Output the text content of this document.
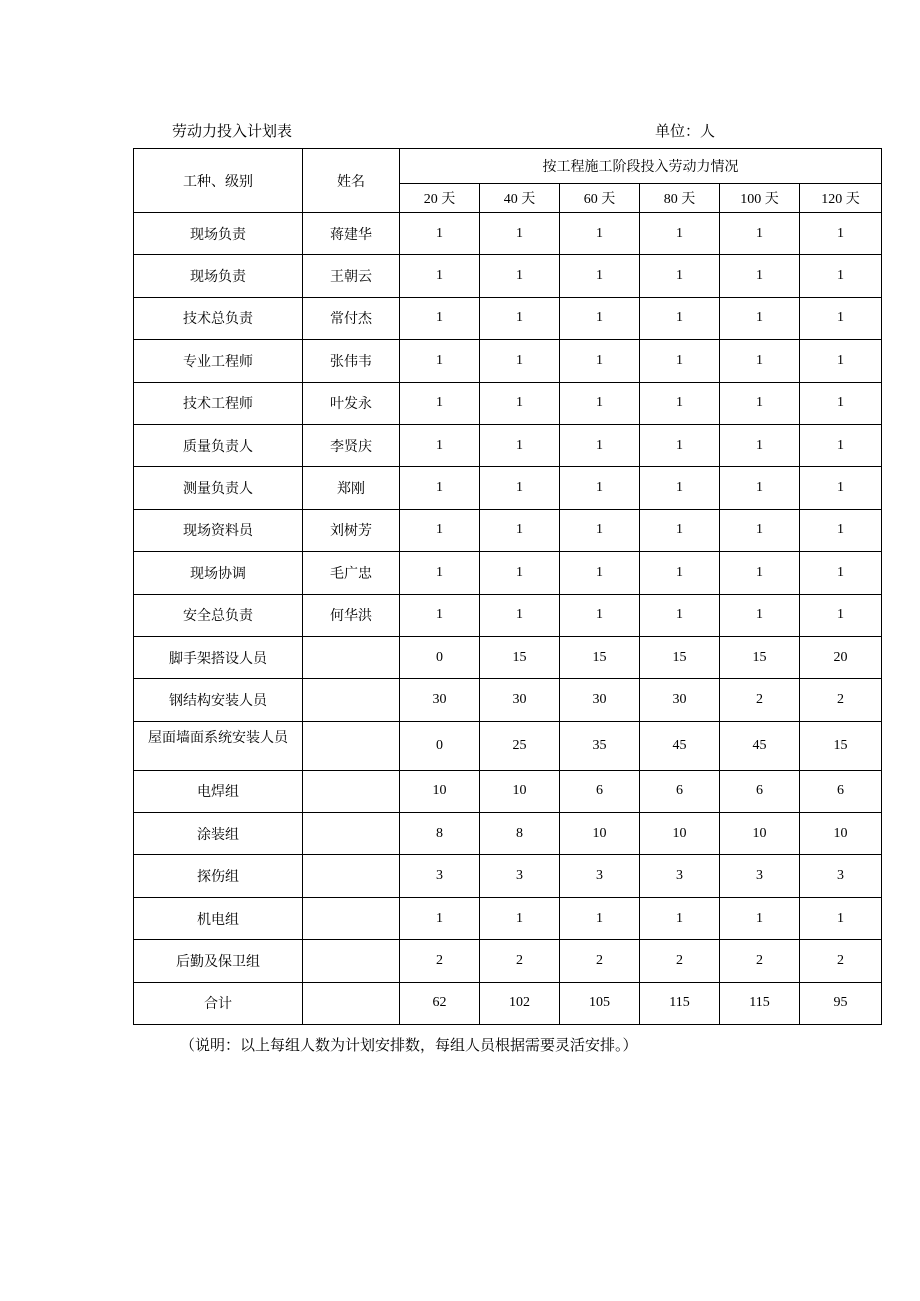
劳动力投入计划表	单位：人
工种、级别	姓名	按工程施工阶段投入劳动力情况					
		20 天	40 天	60 天	80 天	100 天	120 天
现场负责	蒋建华	1	1	1	1	1	1
现场负责	王朝云	1	1	1	1	1	1
技术总负责	常付杰	1	1	1	1	1	1
专业工程师	张伟韦	1	1	1	1	1	1
技术工程师	叶发永	1	1	1	1	1	1
质量负责人	李贤庆	1	1	1	1	1	1
测量负责人	郑刚	1	1	1	1	1	1
现场资料员	刘树芳	1	1	1	1	1	1
现场协调	毛广忠	1	1	1	1	1	1
安全总负责	何华洪	1	1	1	1	1	1
脚手架搭设人员		0	15	15	15	15	20
钢结构安装人员		30	30	30	30	2	2
屋面墙面系统安装人员		0	25	35	45	45	15
电焊组		10	10	6	6	6	6
涂装组		8	8	10	10	10	10
探伤组		3	3	3	3	3	3
机电组		1	1	1	1	1	1
后勤及保卫组		2	2	2	2	2	2
合计		62	102	105	115	115	95
（说明：以上每组人数为计划安排数，每组人员根据需要灵活安排。）
